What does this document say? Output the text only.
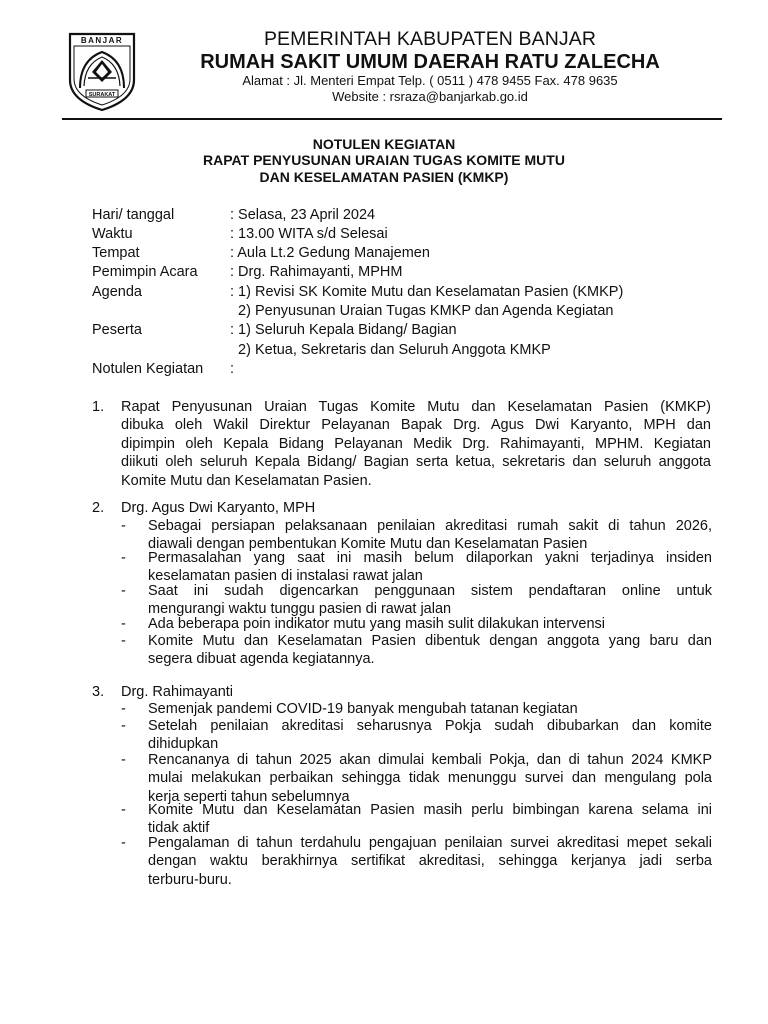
BANJAR
SURAKAT
PEMERINTAH KABUPATEN BANJAR
RUMAH SAKIT UMUM DAERAH RATU ZALECHA
Alamat : Jl. Menteri Empat Telp. ( 0511 ) 478 9455 Fax. 478 9635
Website : rsraza@banjarkab.go.id
NOTULEN KEGIATAN
RAPAT PENYUSUNAN URAIAN TUGAS KOMITE MUTU
DAN KESELAMATAN PASIEN (KMKP)
Hari/ tanggal	: Selasa, 23 April 2024
Waktu	: 13.00 WITA s/d Selesai
Tempat	: Aula Lt.2 Gedung Manajemen
Pemimpin Acara : Drg. Rahimayanti, MPHM
Agenda	: 1) Revisi SK Komite Mutu dan Keselamatan Pasien (KMKP)
2) Penyusunan Uraian Tugas KMKP dan Agenda Kegiatan
Peserta	: 1) Seluruh Kepala Bidang/ Bagian
2) Ketua, Sekretaris dan Seluruh Anggota KMKP
Notulen Kegiatan :
1. Rapat Penyusunan Uraian Tugas Komite Mutu dan Keselamatan Pasien (KMKP)
dibuka oleh Wakil Direktur Pelayanan Bapak Drg. Agus Dwi Karyanto, MPH dan
dipimpin oleh Kepala Bidang Pelayanan Medik Drg. Rahimayanti, MPHM. Kegiatan
diikuti oleh seluruh Kepala Bidang/ Bagian serta ketua, sekretaris dan seluruh anggota
Komite Mutu dan Keselamatan Pasien.
2. Drg. Agus Dwi Karyanto, MPH
- Sebagai persiapan pelaksanaan penilaian akreditasi rumah sakit di tahun 2026,
diawali dengan pembentukan Komite Mutu dan Keselamatan Pasien
- Permasalahan yang saat ini masih belum dilaporkan yakni terjadinya insiden
keselamatan pasien di instalasi rawat jalan
- Saat ini sudah digencarkan penggunaan sistem pendaftaran online untuk
mengurangi waktu tunggu pasien di rawat jalan
- Ada beberapa poin indikator mutu yang masih sulit dilakukan intervensi
- Komite Mutu dan Keselamatan Pasien dibentuk dengan anggota yang baru dan
segera dibuat agenda kegiatannya.
3. Drg. Rahimayanti
- Semenjak pandemi COVID-19 banyak mengubah tatanan kegiatan
- Setelah penilaian akreditasi seharusnya Pokja sudah dibubarkan dan komite
dihidupkan
- Rencananya di tahun 2025 akan dimulai kembali Pokja, dan di tahun 2024 KMKP
mulai melakukan perbaikan sehingga tidak menunggu survei dan mengulang pola
kerja seperti tahun sebelumnya
- Komite Mutu dan Keselamatan Pasien masih perlu bimbingan karena selama ini
tidak aktif
- Pengalaman di tahun terdahulu pengajuan penilaian survei akreditasi mepet sekali
dengan waktu berakhirnya sertifikat akreditasi, sehingga kerjanya jadi serba
terburu-buru.
